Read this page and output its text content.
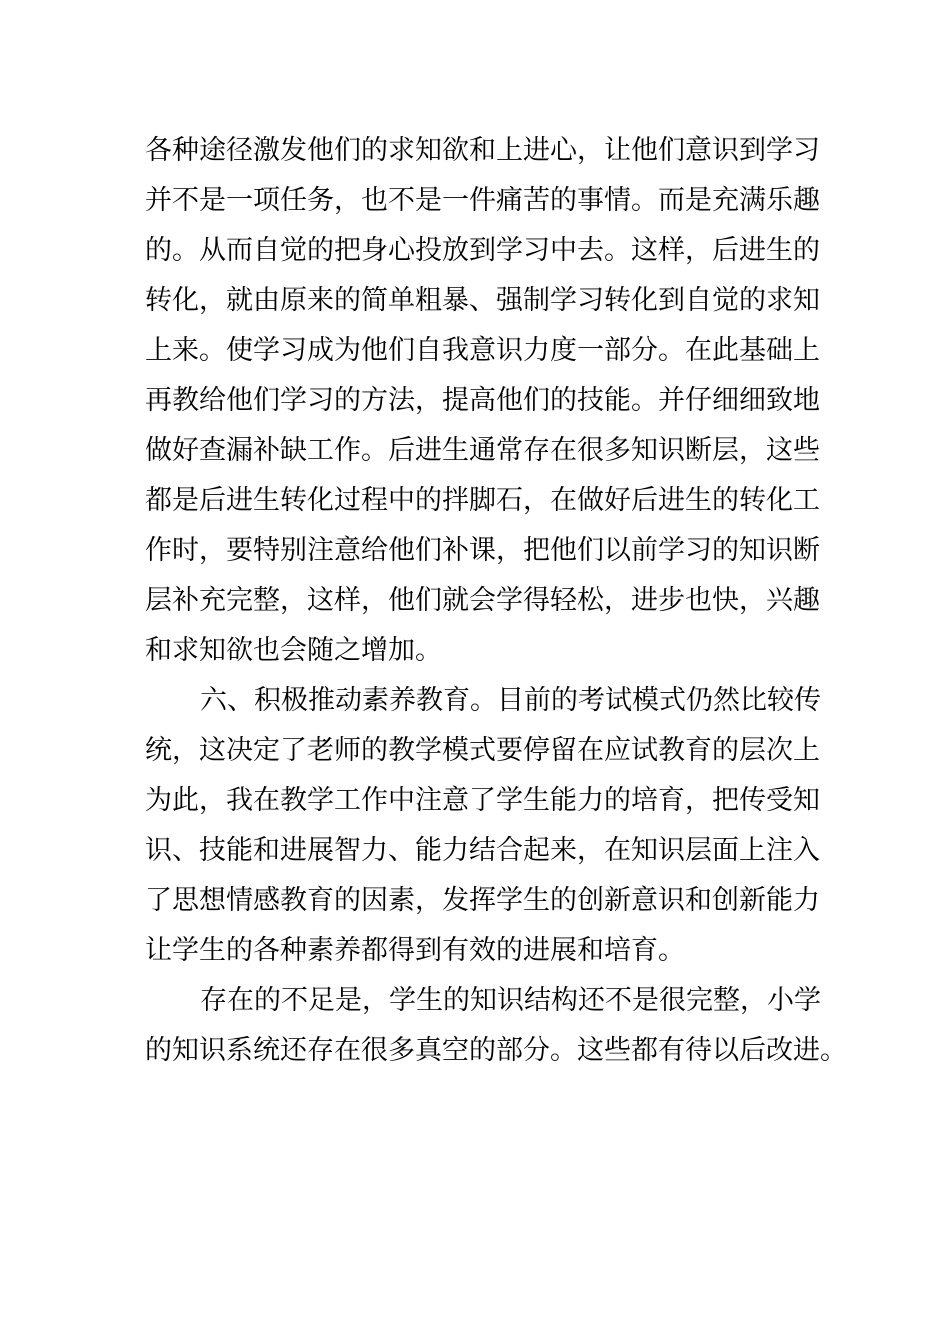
各种途径激发他们的求知欲和上进心，让他们意识到学习
并不是一项任务，也不是一件痛苦的事情。而是充满乐趣
的。从而自觉的把身心投放到学习中去。这样，后进生的
转化，就由原来的简单粗暴、强制学习转化到自觉的求知
上来。使学习成为他们自我意识力度一部分。在此基础上
再教给他们学习的方法，提高他们的技能。并仔细细致地
做好查漏补缺工作。后进生通常存在很多知识断层，这些
都是后进生转化过程中的拌脚石，在做好后进生的转化工
作时，要特别注意给他们补课，把他们以前学习的知识断
层补充完整，这样，他们就会学得轻松，进步也快，兴趣
和求知欲也会随之增加。
六、积极推动素养教育。目前的考试模式仍然比较传
统，这决定了老师的教学模式要停留在应试教育的层次上
为此，我在教学工作中注意了学生能力的培育，把传受知
识、技能和进展智力、能力结合起来，在知识层面上注入
了思想情感教育的因素，发挥学生的创新意识和创新能力
让学生的各种素养都得到有效的进展和培育。
存在的不足是，学生的知识结构还不是很完整，小学
的知识系统还存在很多真空的部分。这些都有待以后改进。
